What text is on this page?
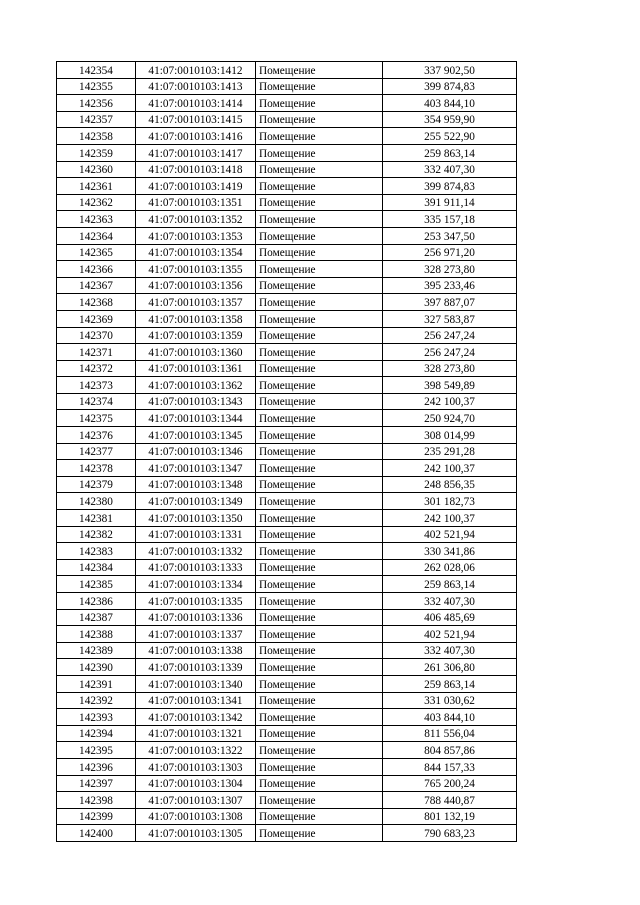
142354	41:07:0010103:1412	Помещение	337 902,50
142355	41:07:0010103:1413	Помещение	399 874,83
142356	41:07:0010103:1414	Помещение	403 844,10
142357	41:07:0010103:1415	Помещение	354 959,90
142358	41:07:0010103:1416	Помещение	255 522,90
142359	41:07:0010103:1417	Помещение	259 863,14
142360	41:07:0010103:1418	Помещение	332 407,30
142361	41:07:0010103:1419	Помещение	399 874,83
142362	41:07:0010103:1351	Помещение	391 911,14
142363	41:07:0010103:1352	Помещение	335 157,18
142364	41:07:0010103:1353	Помещение	253 347,50
142365	41:07:0010103:1354	Помещение	256 971,20
142366	41:07:0010103:1355	Помещение	328 273,80
142367	41:07:0010103:1356	Помещение	395 233,46
142368	41:07:0010103:1357	Помещение	397 887,07
142369	41:07:0010103:1358	Помещение	327 583,87
142370	41:07:0010103:1359	Помещение	256 247,24
142371	41:07:0010103:1360	Помещение	256 247,24
142372	41:07:0010103:1361	Помещение	328 273,80
142373	41:07:0010103:1362	Помещение	398 549,89
142374	41:07:0010103:1343	Помещение	242 100,37
142375	41:07:0010103:1344	Помещение	250 924,70
142376	41:07:0010103:1345	Помещение	308 014,99
142377	41:07:0010103:1346	Помещение	235 291,28
142378	41:07:0010103:1347	Помещение	242 100,37
142379	41:07:0010103:1348	Помещение	248 856,35
142380	41:07:0010103:1349	Помещение	301 182,73
142381	41:07:0010103:1350	Помещение	242 100,37
142382	41:07:0010103:1331	Помещение	402 521,94
142383	41:07:0010103:1332	Помещение	330 341,86
142384	41:07:0010103:1333	Помещение	262 028,06
142385	41:07:0010103:1334	Помещение	259 863,14
142386	41:07:0010103:1335	Помещение	332 407,30
142387	41:07:0010103:1336	Помещение	406 485,69
142388	41:07:0010103:1337	Помещение	402 521,94
142389	41:07:0010103:1338	Помещение	332 407,30
142390	41:07:0010103:1339	Помещение	261 306,80
142391	41:07:0010103:1340	Помещение	259 863,14
142392	41:07:0010103:1341	Помещение	331 030,62
142393	41:07:0010103:1342	Помещение	403 844,10
142394	41:07:0010103:1321	Помещение	811 556,04
142395	41:07:0010103:1322	Помещение	804 857,86
142396	41:07:0010103:1303	Помещение	844 157,33
142397	41:07:0010103:1304	Помещение	765 200,24
142398	41:07:0010103:1307	Помещение	788 440,87
142399	41:07:0010103:1308	Помещение	801 132,19
142400	41:07:0010103:1305	Помещение	790 683,23
